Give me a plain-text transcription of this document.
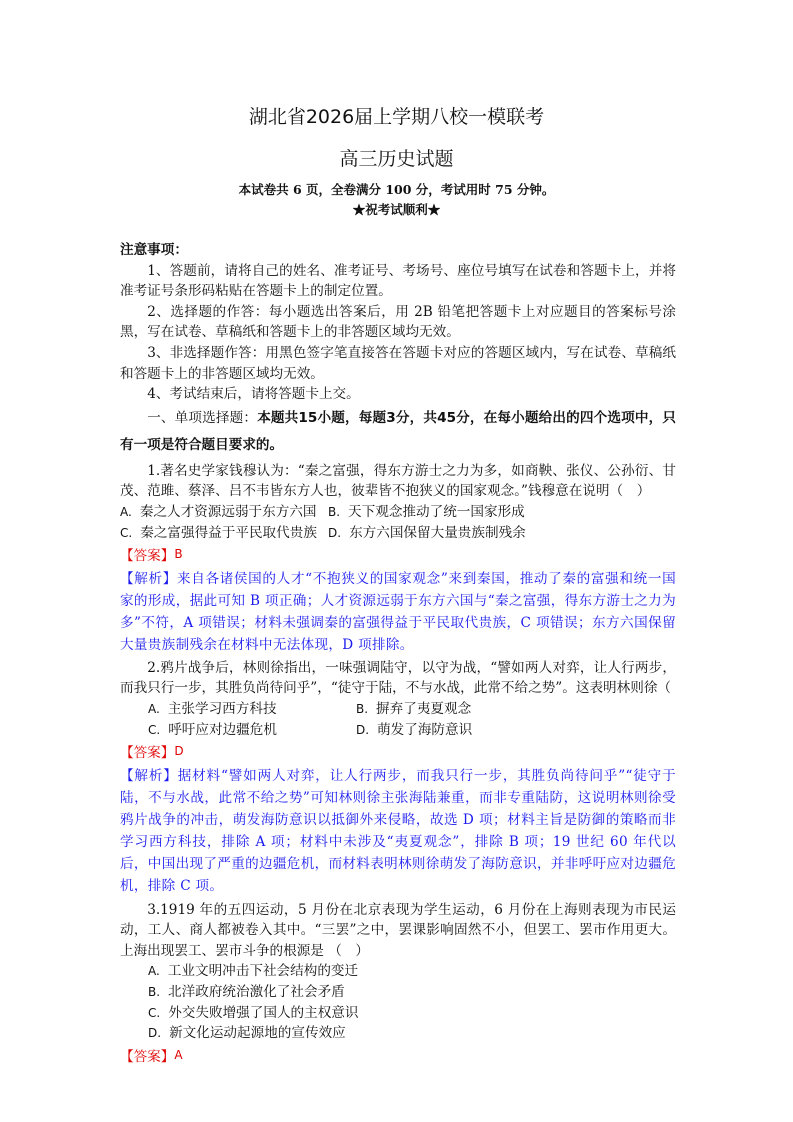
湖北省2026届上学期八校一模联考
高三历史试题
本试卷共 6 页，全卷满分 100 分，考试用时 75 分钟。
★祝考试顺利★

注意事项：

1、答题前，请将自己的姓名、准考证号、考场号、座位号填写在试卷和答题卡上，并将准考证号条形码粘贴在答题卡上的制定位置。

2、选择题的作答：每小题选出答案后，用 2B 铅笔把答题卡上对应题目的答案标号涂黑，写在试卷、草稿纸和答题卡上的非答题区域均无效。

3、非选择题作答：用黑色签字笔直接答在答题卡对应的答题区域内，写在试卷、草稿纸和答题卡上的非答题区域均无效。

4、考试结束后，请将答题卡上交。

一、单项选择题：本题共15小题，每题3分，共45分，在每小题给出的四个选项中，只有一项是符合题目要求的。

1.著名史学家钱穆认为：“秦之富强，得东方游士之力为多，如商鞅、张仪、公孙衍、甘茂、范雎、蔡泽、吕不韦皆东方人也，彼辈皆不抱狭义的国家观念。”钱穆意在说明（　）

A. 秦之人才资源远弱于东方六国 B. 天下观念推动了统一国家形成
C. 秦之富强得益于平民取代贵族 D. 东方六国保留大量贵族制残余

【答案】B

【解析】来自各诸侯国的人才“不抱狭义的国家观念”来到秦国，推动了秦的富强和统一国家的形成，据此可知 B 项正确；人才资源远弱于东方六国与“秦之富强，得东方游士之力为多”不符，A 项错误；材料未强调秦的富强得益于平民取代贵族，C 项错误；东方六国保留大量贵族制残余在材料中无法体现，D 项排除。

2.鸦片战争后，林则徐指出，一味强调陆守，以守为战，“譬如两人对弈，让人行两步，而我只行一步，其胜负尚待问乎”，“徒守于陆，不与水战，此常不给之势”。这表明林则徐（

A. 主张学习西方科技	B. 摒弃了夷夏观念
C. 呼吁应对边疆危机	D. 萌发了海防意识

【答案】D

【解析】据材料“譬如两人对弈，让人行两步，而我只行一步，其胜负尚待问乎”“徒守于陆，不与水战，此常不给之势”可知林则徐主张海陆兼重，而非专重陆防，这说明林则徐受鸦片战争的冲击，萌发海防意识以抵御外来侵略，故选 D 项；材料主旨是防御的策略而非学习西方科技，排除 A 项；材料中未涉及“夷夏观念”，排除 B 项；19 世纪 60 年代以后，中国出现了严重的边疆危机，而材料表明林则徐萌发了海防意识，并非呼吁应对边疆危机，排除 C 项。

3.1919 年的五四运动，5 月份在北京表现为学生运动，6 月份在上海则表现为市民运动，工人、商人都被卷入其中。“三罢”之中，罢课影响固然不小，但罢工、罢市作用更大。上海出现罢工、罢市斗争的根源是 （　）

A. 工业文明冲击下社会结构的变迁
B. 北洋政府统治激化了社会矛盾
C. 外交失败增强了国人的主权意识
D. 新文化运动起源地的宣传效应

【答案】A
